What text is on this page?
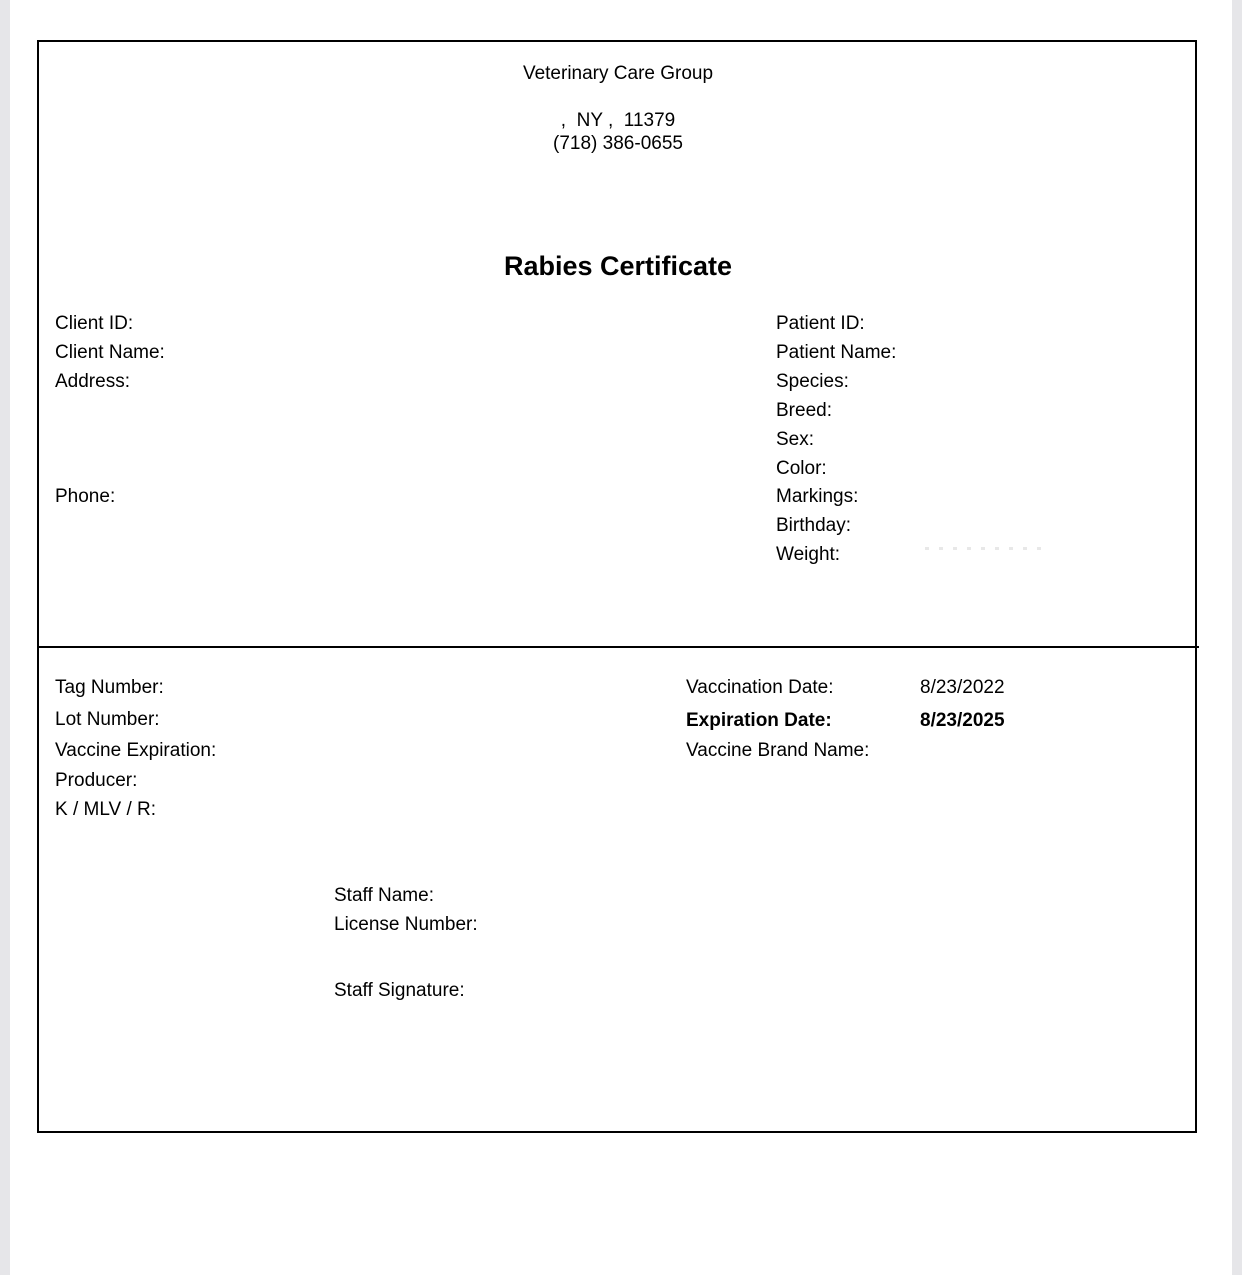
Veterinary Care Group
,  NY ,  11379
(718) 386-0655
Rabies Certificate
Client ID:
Client Name:
Address:
Phone:
Patient ID:
Patient Name:
Species:
Breed:
Sex:
Color:
Markings:
Birthday:
Weight:
Tag Number:
Lot Number:
Vaccine Expiration:
Producer:
K / MLV / R:
Vaccination Date:	8/23/2022
Expiration Date:	8/23/2025
Vaccine Brand Name:
Staff Name:
License Number:
Staff Signature:
